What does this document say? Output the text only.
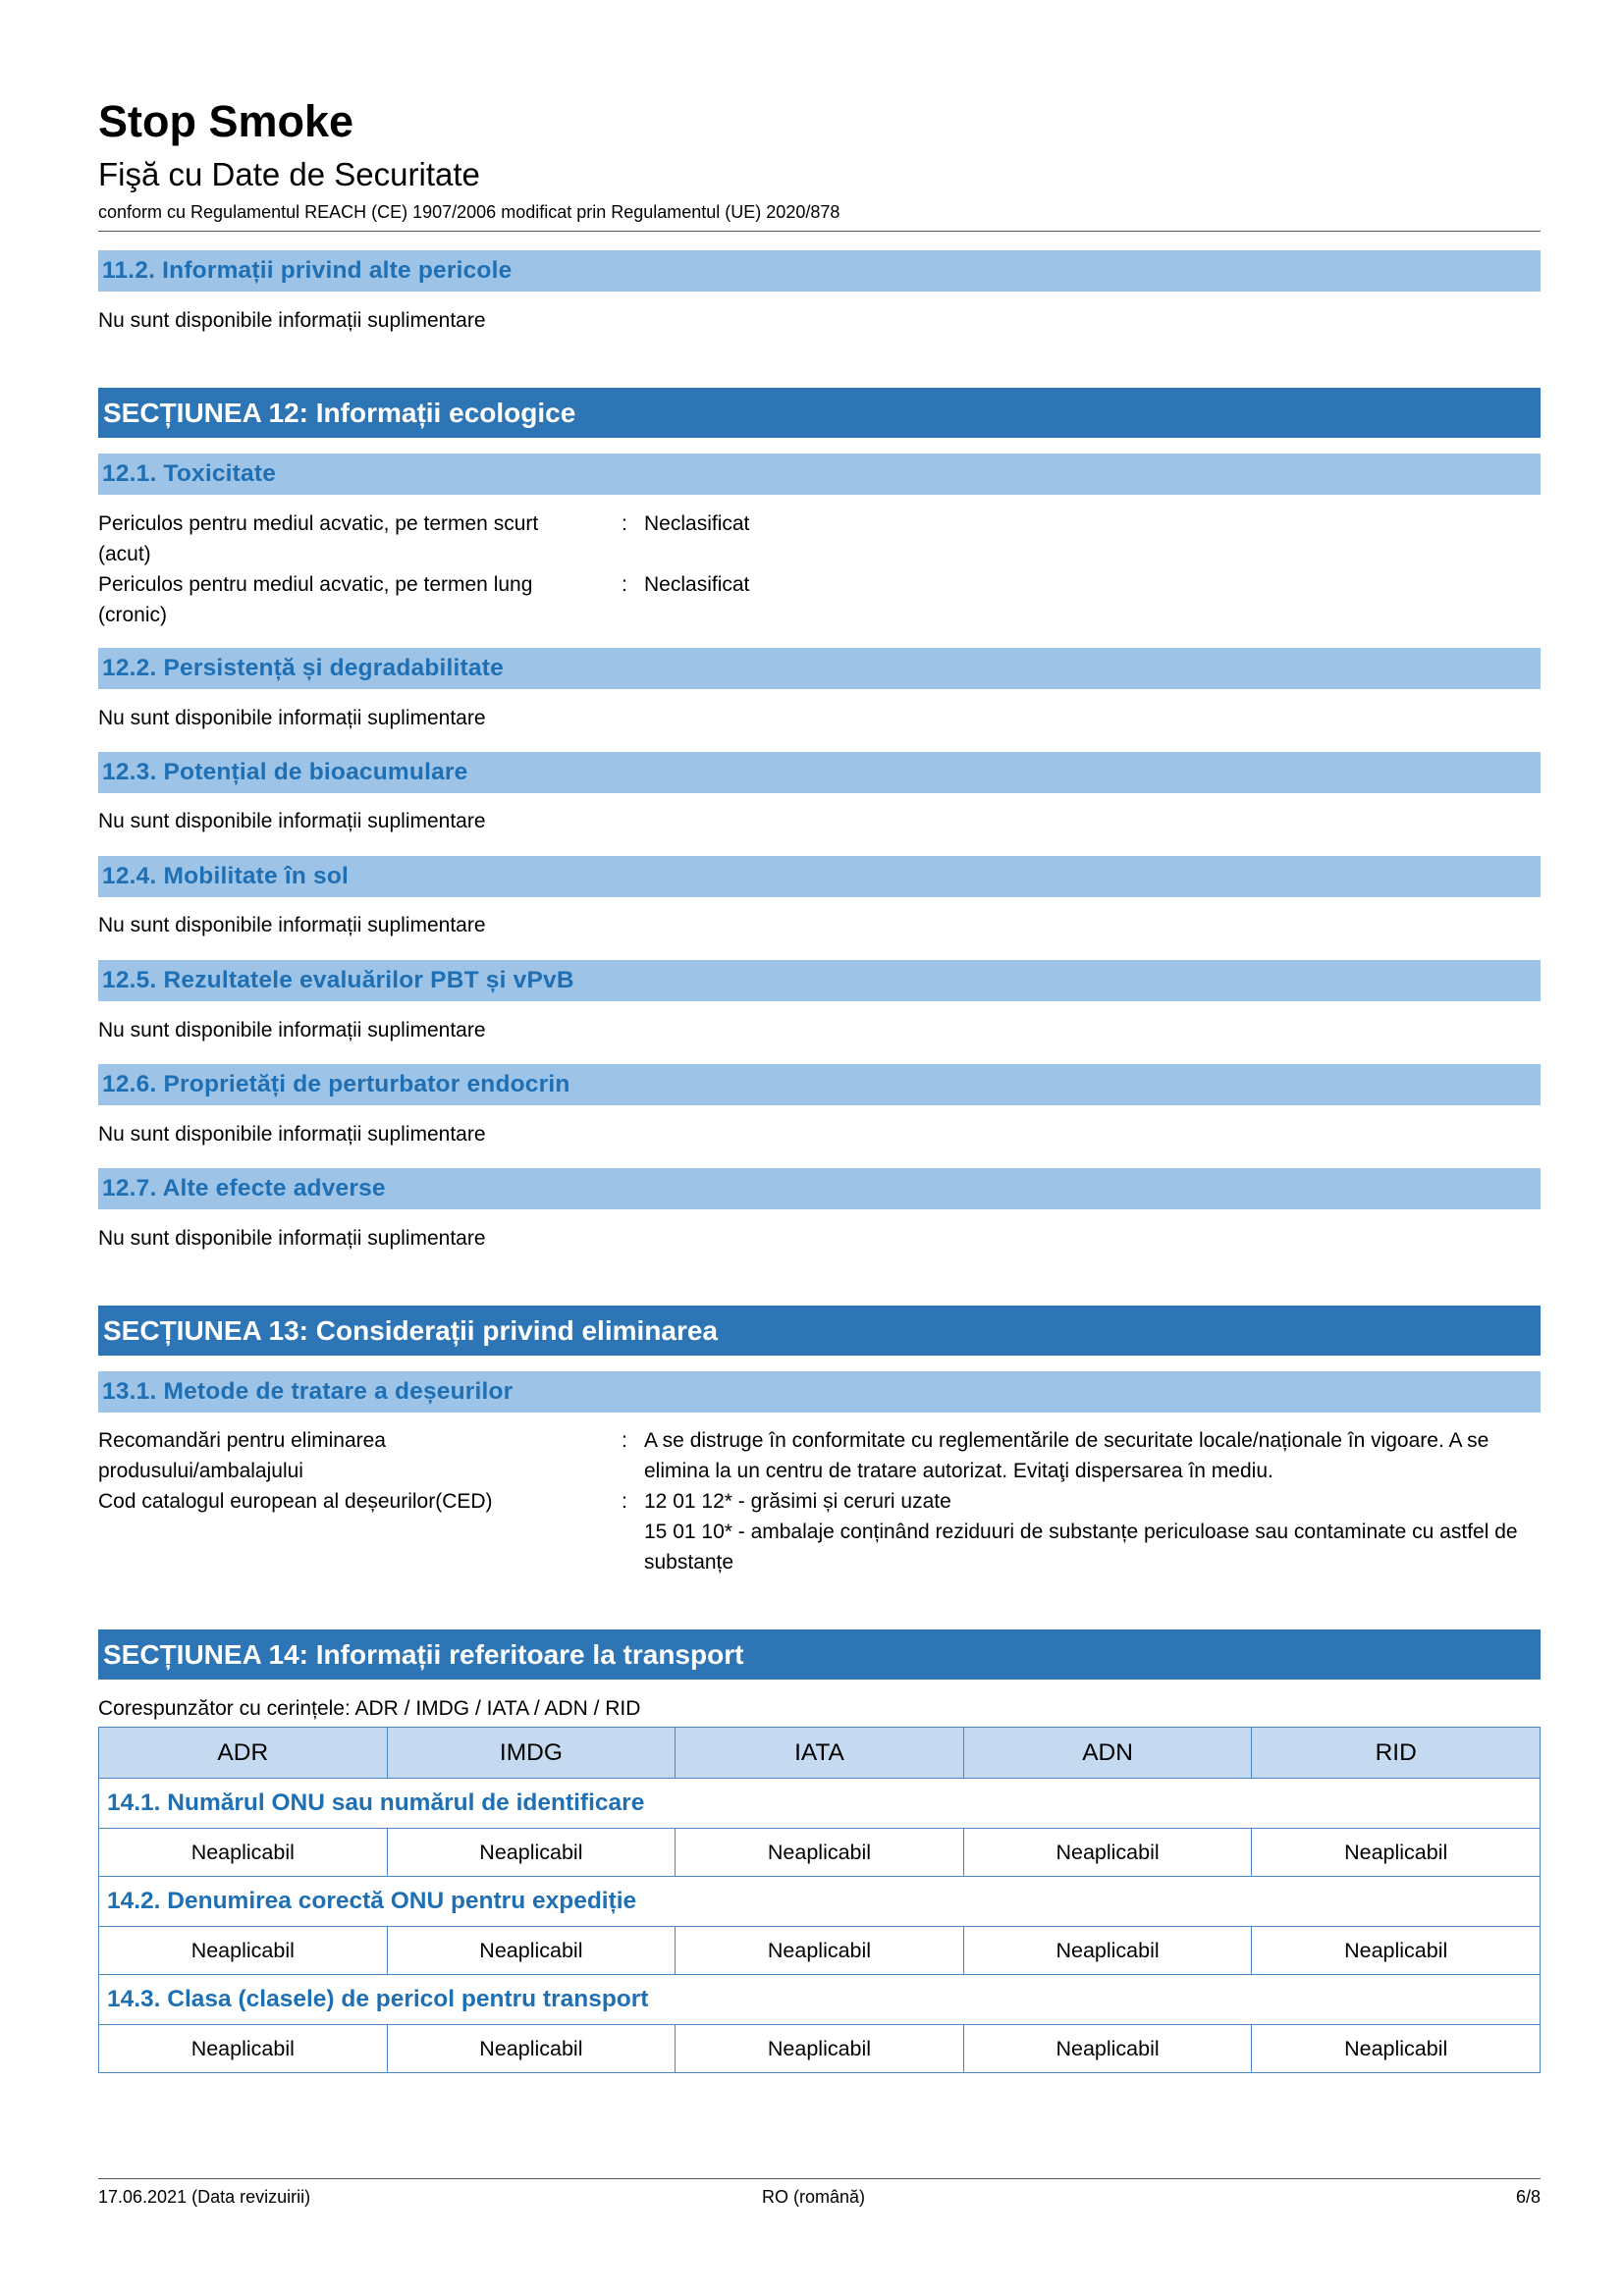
Stop Smoke
Fişă cu Date de Securitate
conform cu Regulamentul REACH (CE) 1907/2006 modificat prin Regulamentul (UE) 2020/878
11.2. Informații privind alte pericole
Nu sunt disponibile informații suplimentare
SECȚIUNEA 12: Informații ecologice
12.1. Toxicitate
Periculos pentru mediul acvatic, pe termen scurt (acut)
: Neclasificat
Periculos pentru mediul acvatic, pe termen lung (cronic)
: Neclasificat
12.2. Persistență și degradabilitate
Nu sunt disponibile informații suplimentare
12.3. Potențial de bioacumulare
Nu sunt disponibile informații suplimentare
12.4. Mobilitate în sol
Nu sunt disponibile informații suplimentare
12.5. Rezultatele evaluărilor PBT și vPvB
Nu sunt disponibile informații suplimentare
12.6. Proprietăți de perturbator endocrin
Nu sunt disponibile informații suplimentare
12.7. Alte efecte adverse
Nu sunt disponibile informații suplimentare
SECȚIUNEA 13: Considerații privind eliminarea
13.1. Metode de tratare a deșeurilor
Recomandări pentru eliminarea produsului/ambalajului
: A se distruge în conformitate cu reglementările de securitate locale/naționale în vigoare. A se elimina la un centru de tratare autorizat. Evitaţi dispersarea în mediu.
Cod catalogul european al deșeurilor(CED)	: 12 01 12* - grăsimi și ceruri uzate
15 01 10* - ambalaje conținând reziduuri de substanțe periculoase sau contaminate cu astfel de substanțe
SECȚIUNEA 14: Informații referitoare la transport
Corespunzător cu cerințele: ADR / IMDG / IATA / ADN / RID
ADR	IMDG	IATA	ADN	RID
14.1. Numărul ONU sau numărul de identificare				
Neaplicabil	Neaplicabil	Neaplicabil	Neaplicabil	Neaplicabil
14.2. Denumirea corectă ONU pentru expediție				
Neaplicabil	Neaplicabil	Neaplicabil	Neaplicabil	Neaplicabil
14.3. Clasa (clasele) de pericol pentru transport				
Neaplicabil	Neaplicabil	Neaplicabil	Neaplicabil	Neaplicabil
17.06.2021 (Data revizuirii)	RO (română)	6/8
